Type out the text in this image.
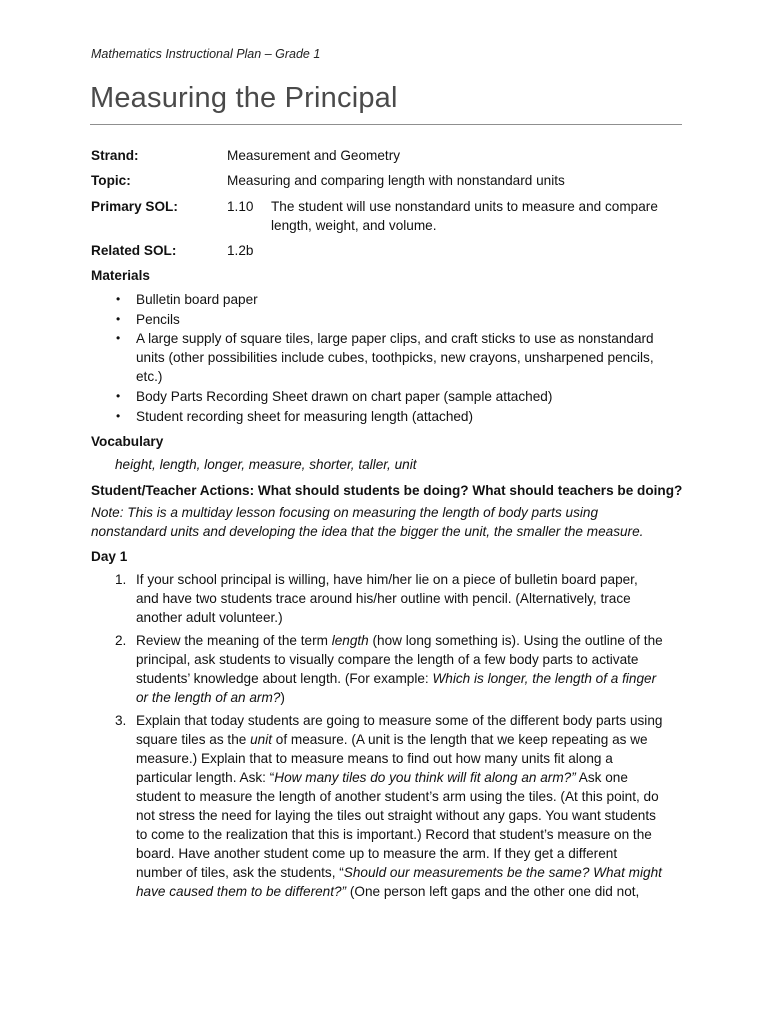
Mathematics Instructional Plan – Grade 1
Measuring the Principal
Strand:	Measurement and Geometry
Topic:	Measuring and comparing length with nonstandard units
Primary SOL:	1.10 The student will use nonstandard units to measure and compare
length, weight, and volume.
Related SOL:	1.2b
Materials
• Bulletin board paper
• Pencils
• A large supply of square tiles, large paper clips, and craft sticks to use as nonstandard
units (other possibilities include cubes, toothpicks, new crayons, unsharpened pencils,
etc.)
• Body Parts Recording Sheet drawn on chart paper (sample attached)
• Student recording sheet for measuring length (attached)
Vocabulary
height, length, longer, measure, shorter, taller, unit
Student/Teacher Actions: What should students be doing? What should teachers be doing?
Note: This is a multiday lesson focusing on measuring the length of body parts using
nonstandard units and developing the idea that the bigger the unit, the smaller the measure.
Day 1
1. If your school principal is willing, have him/her lie on a piece of bulletin board paper,
and have two students trace around his/her outline with pencil. (Alternatively, trace
another adult volunteer.)
2. Review the meaning of the term length (how long something is). Using the outline of the
principal, ask students to visually compare the length of a few body parts to activate
students’ knowledge about length. (For example: Which is longer, the length of a finger
or the length of an arm?)
3. Explain that today students are going to measure some of the different body parts using
square tiles as the unit of measure. (A unit is the length that we keep repeating as we
measure.) Explain that to measure means to find out how many units fit along a
particular length. Ask: “How many tiles do you think will fit along an arm?” Ask one
student to measure the length of another student’s arm using the tiles. (At this point, do
not stress the need for laying the tiles out straight without any gaps. You want students
to come to the realization that this is important.) Record that student’s measure on the
board. Have another student come up to measure the arm. If they get a different
number of tiles, ask the students, “Should our measurements be the same? What might
have caused them to be different?” (One person left gaps and the other one did not,
